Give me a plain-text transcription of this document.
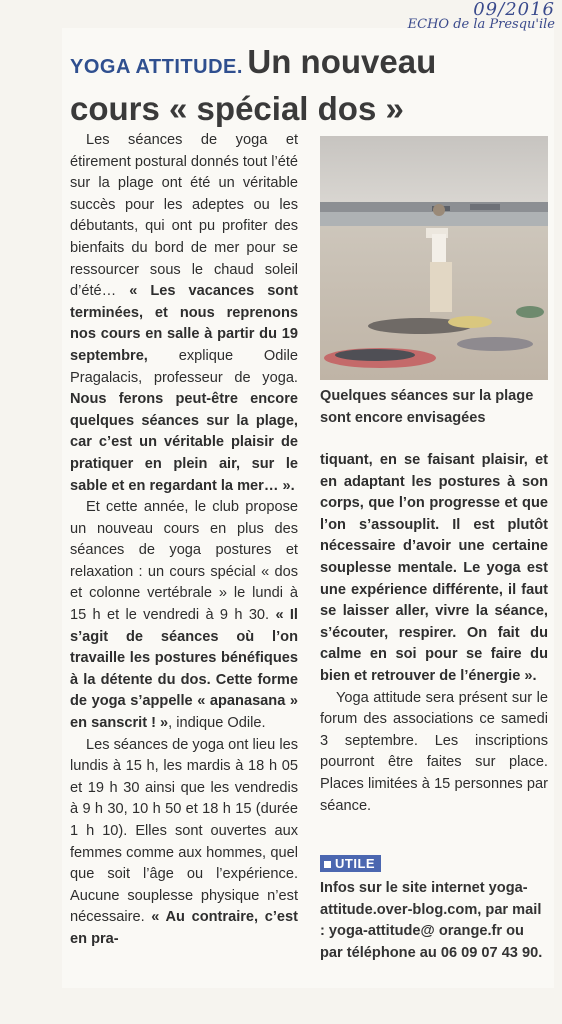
09/2016
ECHO de la Presqu'ile
YOGA ATTITUDE. Un nouveau
cours « spécial dos »

Les séances de yoga et étirement postural donnés tout l’été sur la plage ont été un véritable succès pour les adeptes ou les débutants, qui ont pu profiter des bienfaits du bord de mer pour se ressourcer sous le chaud soleil d’été… « Les vacances sont terminées, et nous reprenons nos cours en salle à partir du 19 septembre, explique Odile Pragalacis, professeur de yoga. Nous ferons peut-être encore quelques séances sur la plage, car c’est un véritable plaisir de pratiquer en plein air, sur le sable et en regardant la mer… ».

Et cette année, le club propose un nouveau cours en plus des séances de yoga postures et relaxation : un cours spécial « dos et colonne vertébrale » le lundi à 15 h et le vendredi à 9 h 30. « Il s’agit de séances où l’on travaille les postures bénéfiques à la détente du dos. Cette forme de yoga s’appelle « apanasana » en sanscrit ! », indique Odile.

Les séances de yoga ont lieu les lundis à 15 h, les mardis à 18 h 05 et 19 h 30 ainsi que les vendredis à 9 h 30, 10 h 50 et 18 h 15 (durée 1 h 10). Elles sont ouvertes aux femmes comme aux hommes, quel que soit l’âge ou l’expérience. Aucune souplesse physique n’est nécessaire. « Au contraire, c’est en pra-

Quelques séances sur la plage sont encore envisagées

tiquant, en se faisant plaisir, et en adaptant les postures à son corps, que l’on progresse et que l’on s’assouplit. Il est plutôt nécessaire d’avoir une certaine souplesse mentale. Le yoga est une expérience différente, il faut se laisser aller, vivre la séance, s’écouter, respirer. On fait du calme en soi pour se faire du bien et retrouver de l’énergie ».

Yoga attitude sera présent sur le forum des associations ce samedi 3 septembre. Les inscriptions pourront être faites sur place. Places limitées à 15 personnes par séance.

UTILE
Infos sur le site internet yoga-attitude.over-blog.com, par mail : yoga-attitude@ orange.fr ou par téléphone au 06 09 07 43 90.
